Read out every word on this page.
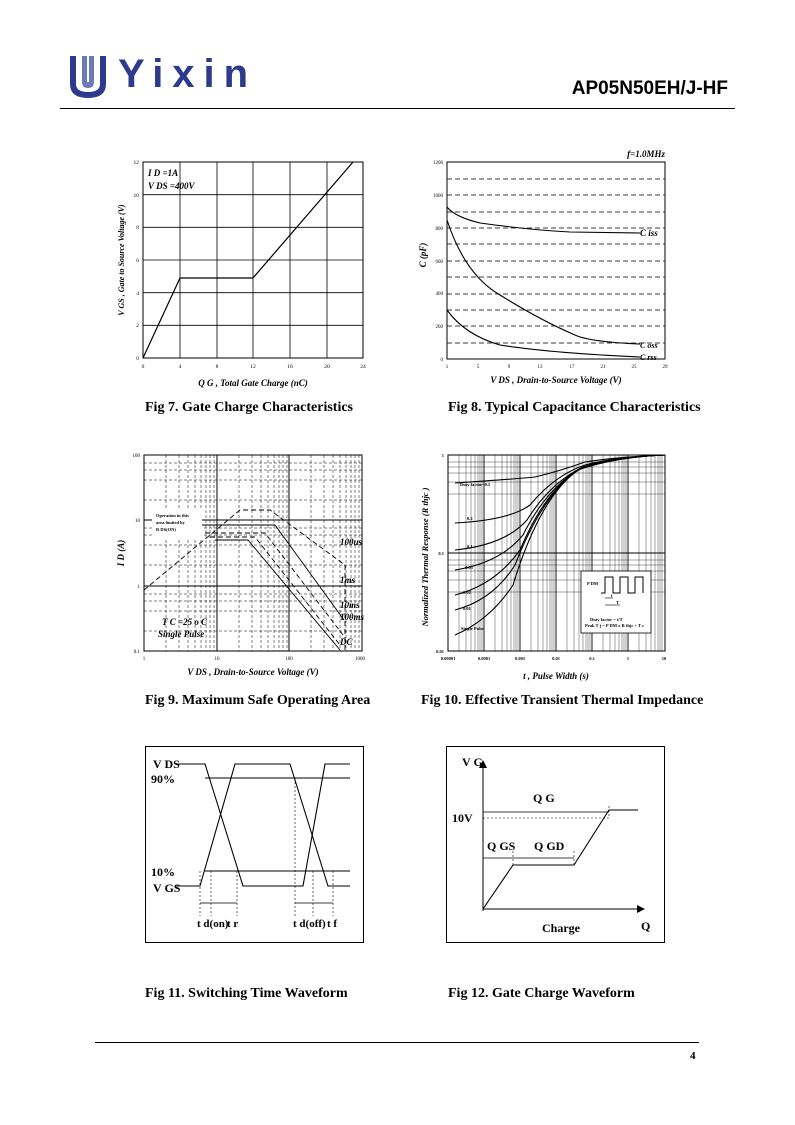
Yixin	AP05N50EH/J-HF
0	4	8	12	16	20	24
0
2
4
6
8
10
12
I D =1A
V DS =400V
Q G , Total Gate Charge (nC)
V GS , Gate to Source Voltage (V)
Fig 7. Gate Charge Characteristics
1	5	9	13	17	21	25	29
0
200
400
600
800
1000
1200
f=1.0MHz
C iss
C oss
C rss
V DS , Drain-to-Source Voltage (V)
C (pF)
Fig 8. Typical Capacitance Characteristics
1	10	100	1000
0.1
1
10
100
Operation in this
area limited by
R DS(ON)
T C =25 o C
Single Pulse
100us
1ms
10ms
100ms
DC
V DS , Drain-to-Source Voltage (V)
I D (A)
Fig 9. Maximum Safe Operating Area
Duty factor=0.5
0.2
0.1
0.05
0.02
0.01
Single Pulse
P DM
t
T
Duty factor = t/T
Peak T j = P DM x R thjc + T c
0.00001	0.0001	0.001	0.01	0.1	1	10
0.01
0.1
1
t , Pulse Width (s)
Normalized Thermal Response (R thjc )
Fig 10. Effective Transient Thermal Impedance
V DS
90%
10%
V GS
t d(on)
t r	t d(off) t f
Fig 11. Switching Time Waveform
V G
10V
Q G
Q GS Q GD
Charge	Q
Fig 12. Gate Charge Waveform
4
